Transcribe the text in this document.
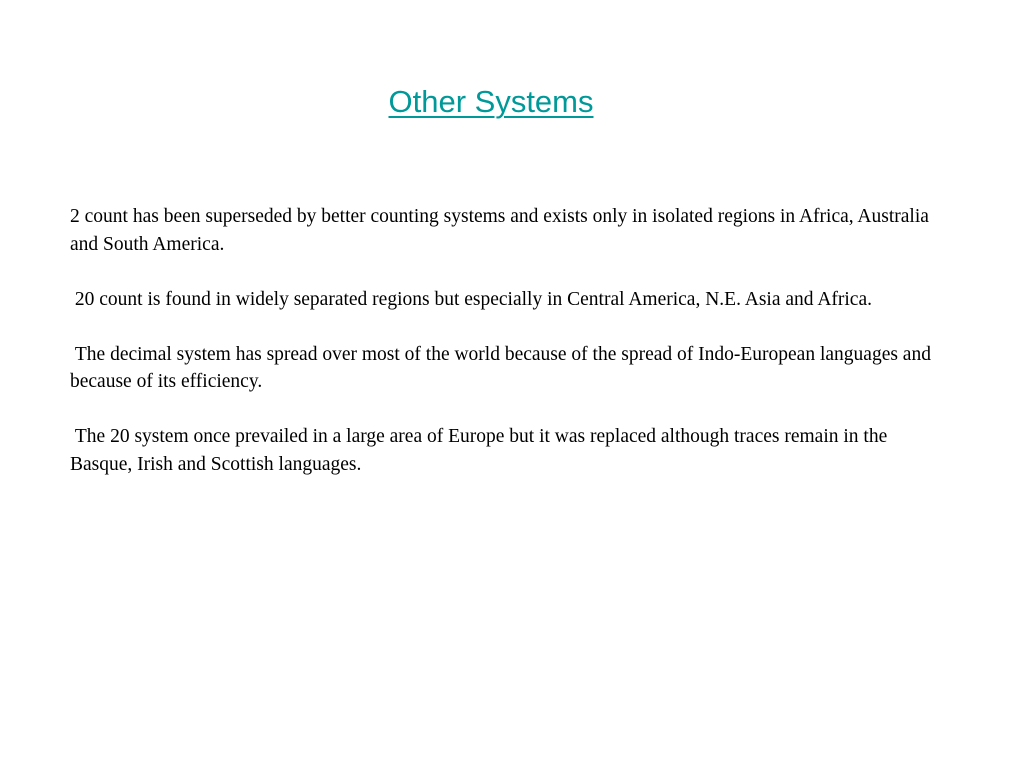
Other Systems

2 count has been superseded by better counting systems and exists only in isolated regions in Africa, Australia and South America.

20 count is found in widely separated regions but especially in Central America, N.E. Asia and Africa.

The decimal system has spread over most of the world because of the spread of Indo-European languages and because of its efficiency.

The 20 system once prevailed in a large area of Europe but it was replaced although traces remain in the Basque, Irish and Scottish languages.
